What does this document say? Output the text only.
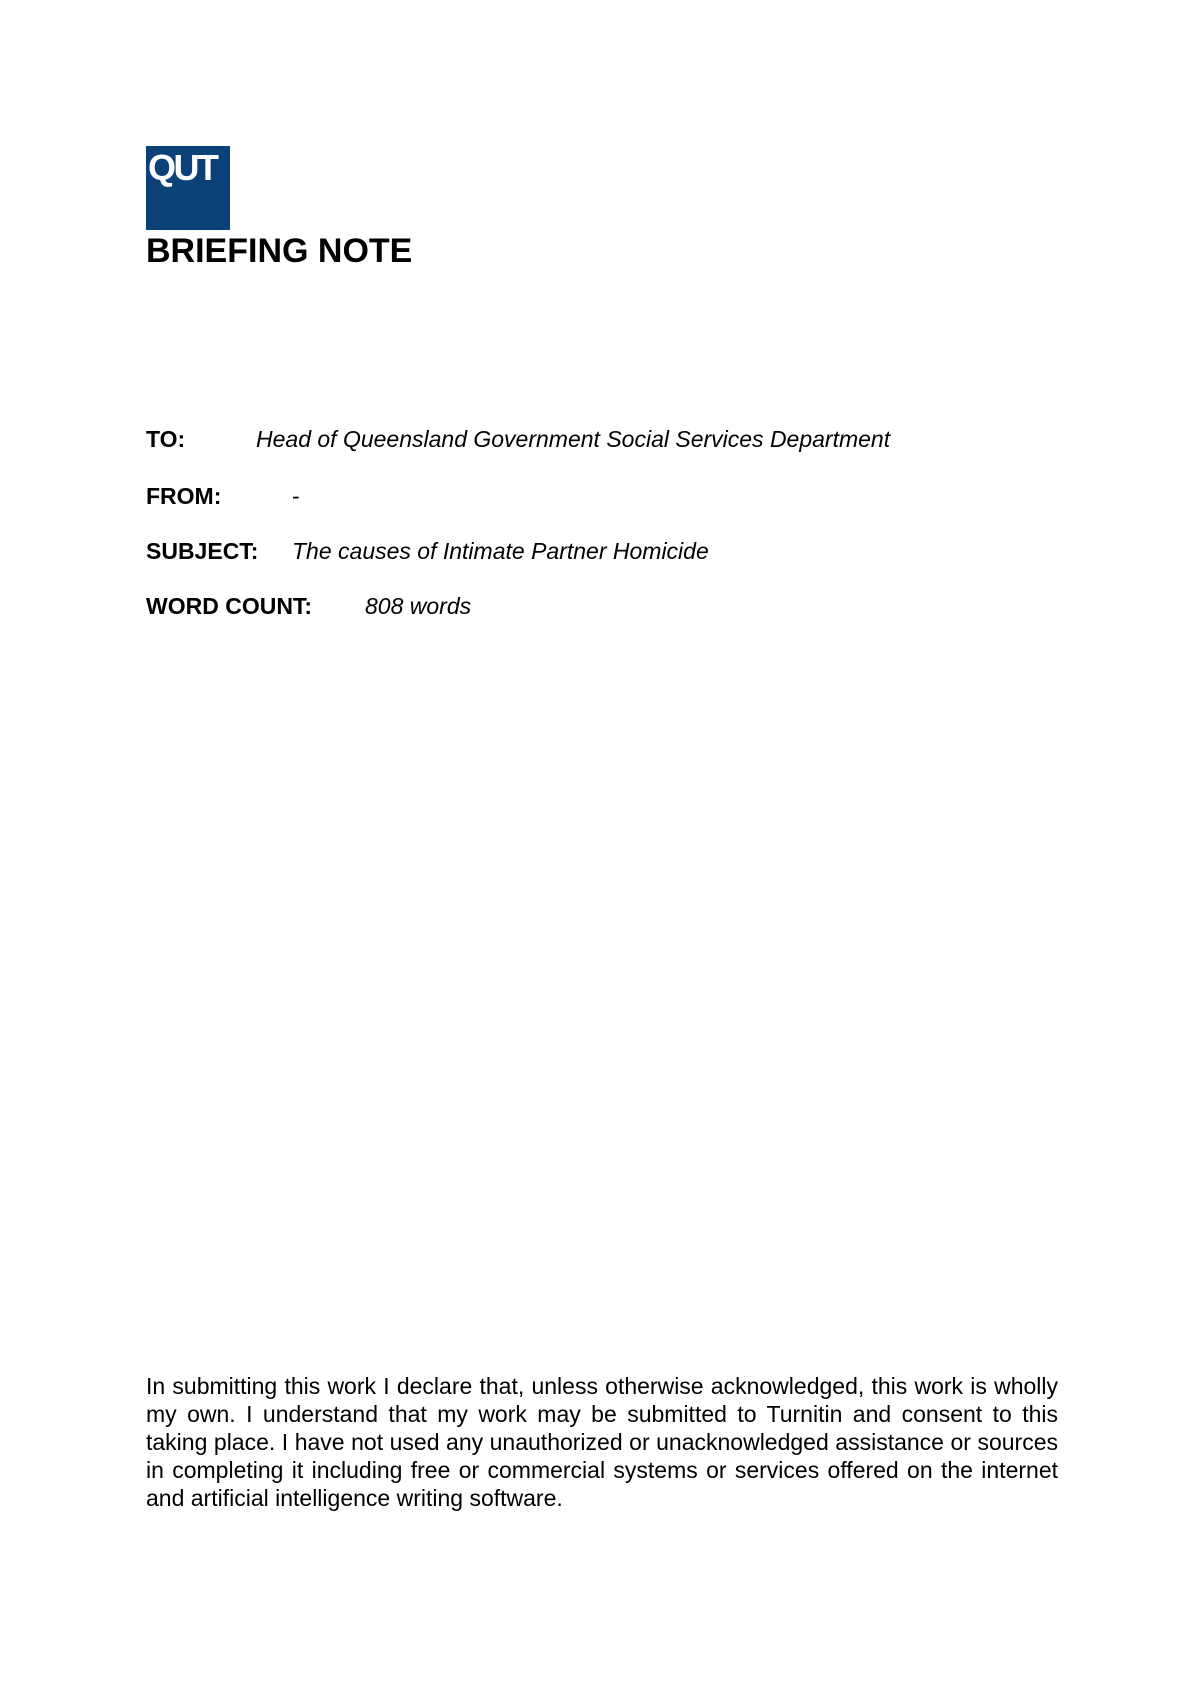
QUT
BRIEFING NOTE
TO:	Head of Queensland Government Social Services Department
FROM:	-
SUBJECT: The causes of Intimate Partner Homicide
WORD COUNT: 808 words
In submitting this work I declare that, unless otherwise acknowledged, this work is wholly my own. I understand that my work may be submitted to Turnitin and consent to this taking place. I have not used any unauthorized or unacknowledged assistance or sources in completing it including free or commercial systems or services offered on the internet and artificial intelligence writing software.
